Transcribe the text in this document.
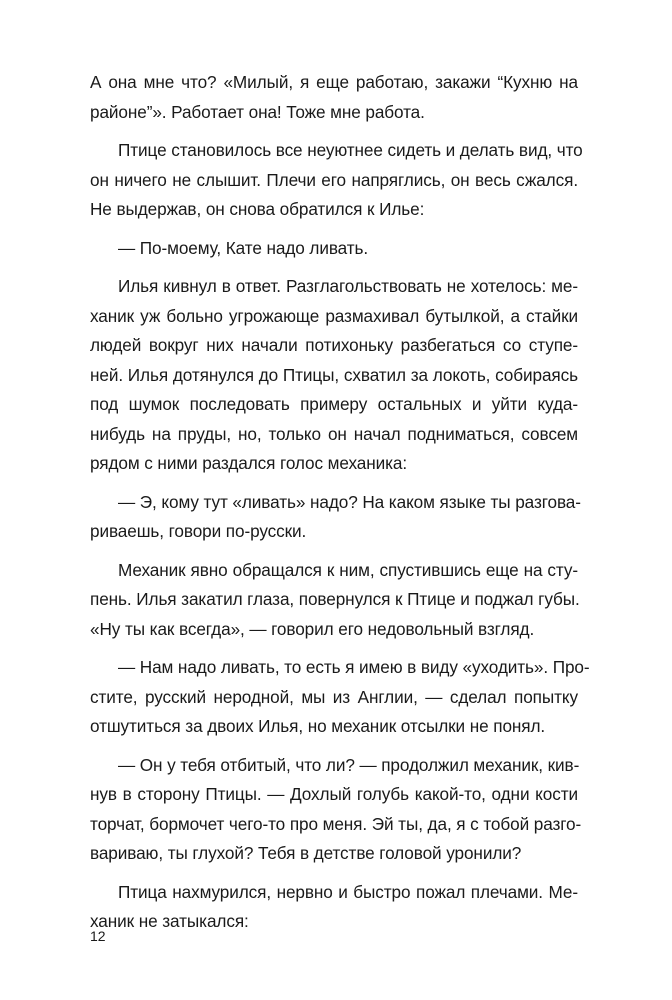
А она мне что? «Милый, я еще работаю, закажи “Кухню на
районе”». Работает она! Тоже мне работа.

Птице становилось все неуютнее сидеть и делать вид, что
он ничего не слышит. Плечи его напряглись, он весь сжался.
Не выдержав, он снова обратился к Илье:

— По-моему, Кате надо ливать.

Илья кивнул в ответ. Разглагольствовать не хотелось: ме-
ханик уж больно угрожающе размахивал бутылкой, а стайки
людей вокруг них начали потихоньку разбегаться со ступе-
ней. Илья дотянулся до Птицы, схватил за локоть, собираясь
под шумок последовать примеру остальных и уйти куда-
нибудь на пруды, но, только он начал подниматься, совсем
рядом с ними раздался голос механика:

— Э, кому тут «ливать» надо? На каком языке ты разгова-
риваешь, говори по-русски.

Механик явно обращался к ним, спустившись еще на сту-
пень. Илья закатил глаза, повернулся к Птице и поджал губы.
«Ну ты как всегда», — говорил его недовольный взгляд.

— Нам надо ливать, то есть я имею в виду «уходить». Про-
стите, русский неродной, мы из Англии, — сделал попытку
отшутиться за двоих Илья, но механик отсылки не понял.

— Он у тебя отбитый, что ли? — продолжил механик, кив-
нув в сторону Птицы. — Дохлый голубь какой-то, одни кости
торчат, бормочет чего-то про меня. Эй ты, да, я с тобой разго-
вариваю, ты глухой? Тебя в детстве головой уронили?

Птица нахмурился, нервно и быстро пожал плечами. Ме-
ханик не затыкался:

12
